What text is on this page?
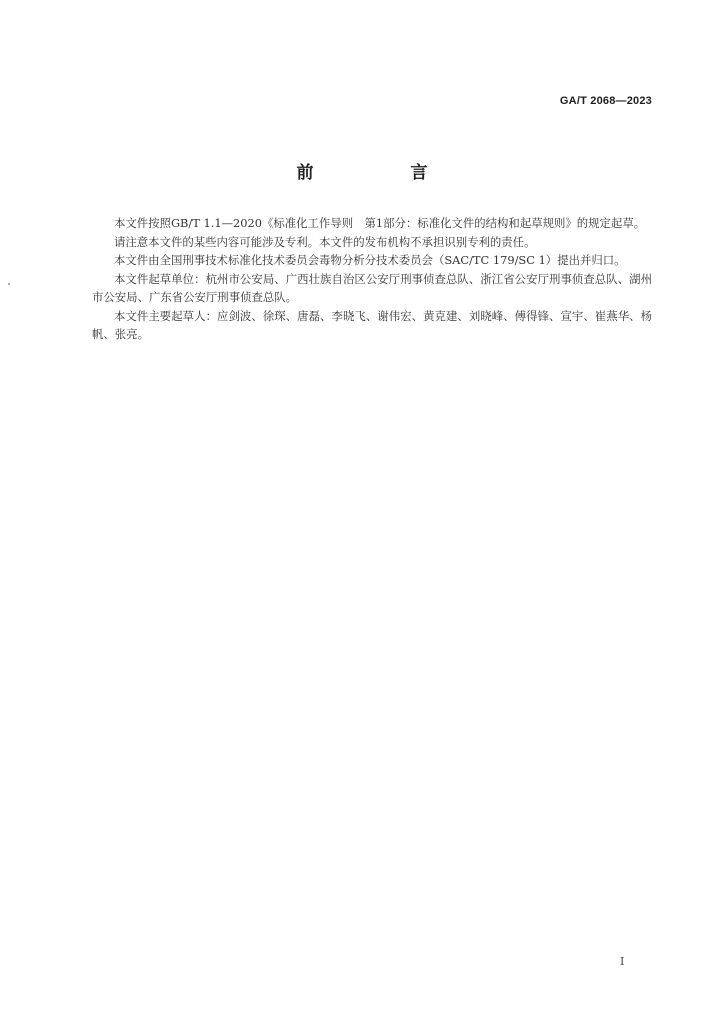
GA/T 2068—2023
前　言

本文件按照GB/T 1.1—2020《标准化工作导则　第1部分：标准化文件的结构和起草规则》的规定起草。

请注意本文件的某些内容可能涉及专利。本文件的发布机构不承担识别专利的责任。

本文件由全国刑事技术标准化技术委员会毒物分析分技术委员会（SAC/TC 179/SC 1）提出并归口。

本文件起草单位：杭州市公安局、广西壮族自治区公安厅刑事侦查总队、浙江省公安厅刑事侦查总队、湖州市公安局、广东省公安厅刑事侦查总队。

本文件主要起草人：应剑波、徐琛、唐磊、李晓飞、谢伟宏、黄克建、刘晓峰、傅得锋、宣宇、崔燕华、杨帆、张亮。

I
